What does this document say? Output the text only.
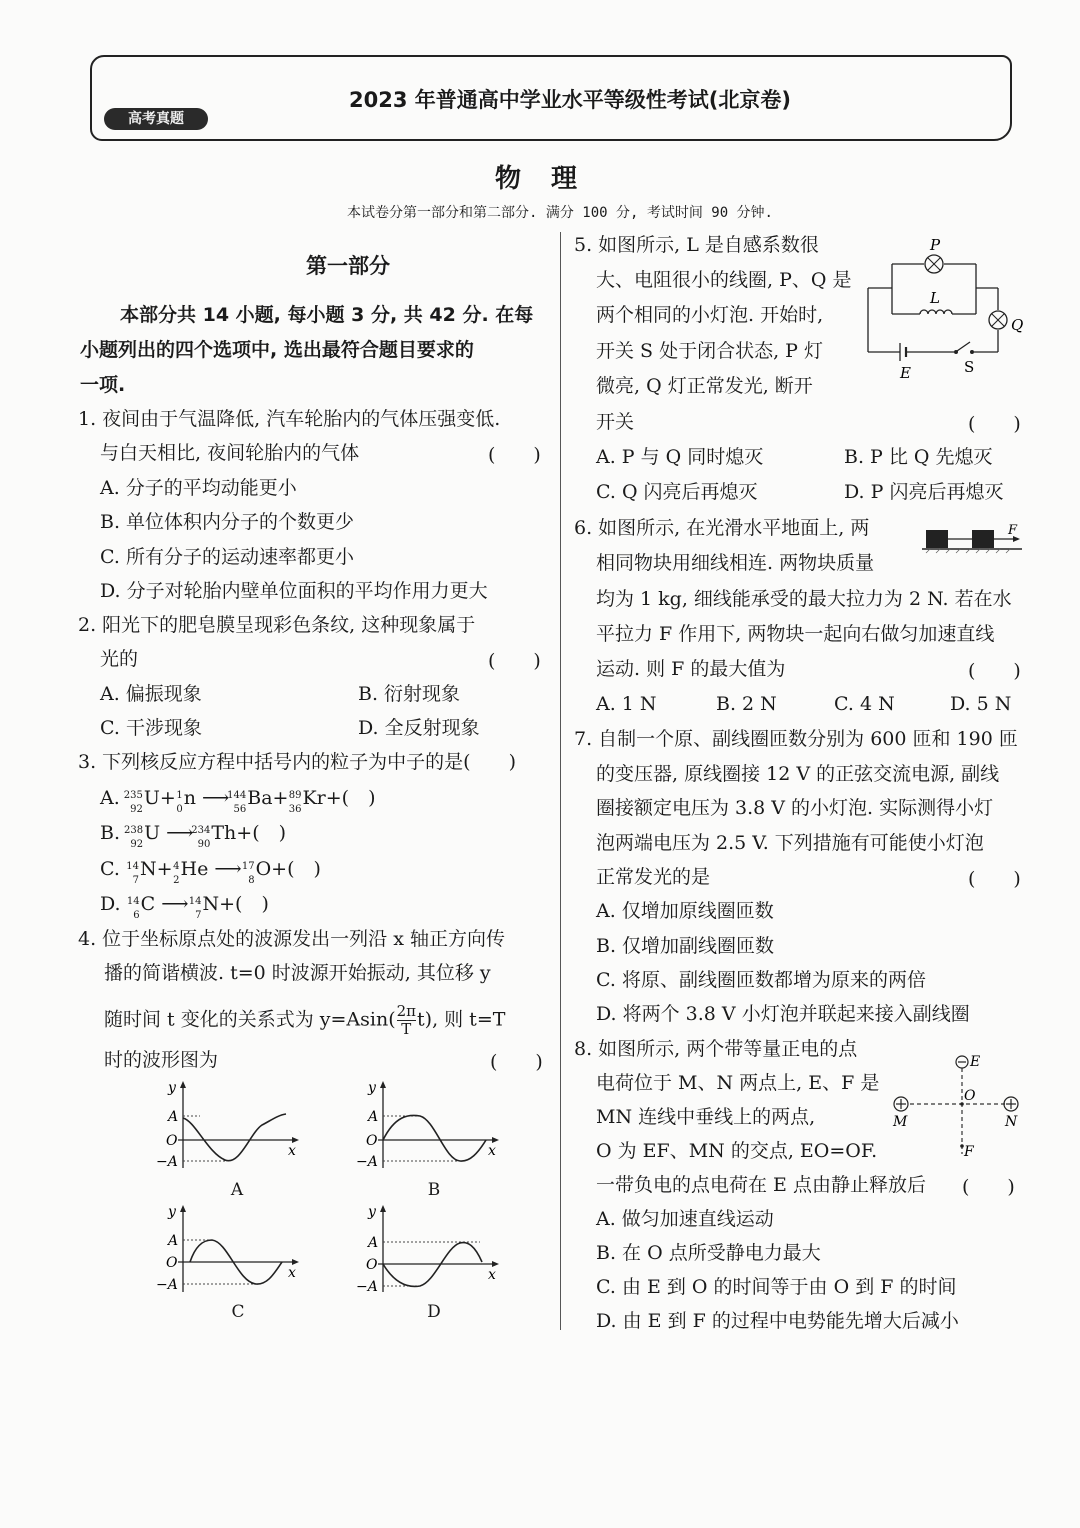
高考真题
2023 年普通高中学业水平等级性考试(北京卷)
物理
本试卷分第一部分和第二部分. 满分 100 分, 考试时间 90 分钟.
第一部分
本部分共 14 小题, 每小题 3 分, 共 42 分. 在每
小题列出的四个选项中, 选出最符合题目要求的
一项.
1. 夜间由于气温降低, 汽车轮胎内的气体压强变低.
与白天相比, 夜间轮胎内的气体	(　　)
A. 分子的平均动能更小
B. 单位体积内分子的个数更少
C. 所有分子的运动速率都更小
D. 分子对轮胎内壁单位面积的平均作用力更大
2. 阳光下的肥皂膜呈现彩色条纹, 这种现象属于
光的	(　　)
A. 偏振现象	B. 衍射现象
C. 干涉现象	D. 全反射现象
3. 下列核反应方程中括号内的粒子为中子的是(　　)
A. 235
92
U+ 1
0
n ⟶
144
56
Ba+ 89
36
Kr+(　)
B. 238
92
U ⟶
234
90
Th+(　)
C. 14
7
N+ 4
2
He ⟶ 17
8
O+(　)
D. 14
6
C ⟶ 14
7
N+(　)
4. 位于坐标原点处的波源发出一列沿 x 轴正方向传
播的简谐横波. t=0 时波源开始振动, 其位移 y
随时间 t 变化的关系式为 $y=Asin( \frac{2\pi}{T} t)$, 则 t=T
时的波形图为	(　　)
y
A
O
−A
x
A
y
A
O
−A
x
B
y
A
O
−A
x
C
y
A
O
−A
x
D
5. 如图所示, L 是自感系数很
大、电阻很小的线圈, P、Q 是
两个相同的小灯泡. 开始时,
开关 S 处于闭合状态, P 灯
微亮, Q 灯正常发光, 断开
开关	(　　)
P
L
Q
E	S
A. P 与 Q 同时熄灭	B. P 比 Q 先熄灭
C. Q 闪亮后再熄灭	D. P 闪亮后再熄灭
6. 如图所示, 在光滑水平地面上, 两
相同物块用细线相连. 两物块质量
均为 1 kg, 细线能承受的最大拉力为 2 N. 若在水
平拉力 F 作用下, 两物块一起向右做匀加速直线
运动. 则 F 的最大值为	(　　)
F
A. 1 N	B. 2 N	C. 4 N	D. 5 N
7. 自制一个原、副线圈匝数分别为 600 匝和 190 匝
的变压器, 原线圈接 12 V 的正弦交流电源, 副线
圈接额定电压为 3.8 V 的小灯泡. 实际测得小灯
泡两端电压为 2.5 V. 下列措施有可能使小灯泡
正常发光的是	(　　)
A. 仅增加原线圈匝数
B. 仅增加副线圈匝数
C. 将原、副线圈匝数都增为原来的两倍
D. 将两个 3.8 V 小灯泡并联起来接入副线圈
8. 如图所示, 两个带等量正电的点
电荷位于 M、N 两点上, E、F 是
MN 连线中垂线上的两点,
O 为 EF、MN 的交点, EO=OF.
一带负电的点电荷在 E 点由静止释放后 (　　)
E
O
M	N
F
A. 做匀加速直线运动
B. 在 O 点所受静电力最大
C. 由 E 到 O 的时间等于由 O 到 F 的时间
D. 由 E 到 F 的过程中电势能先增大后减小
